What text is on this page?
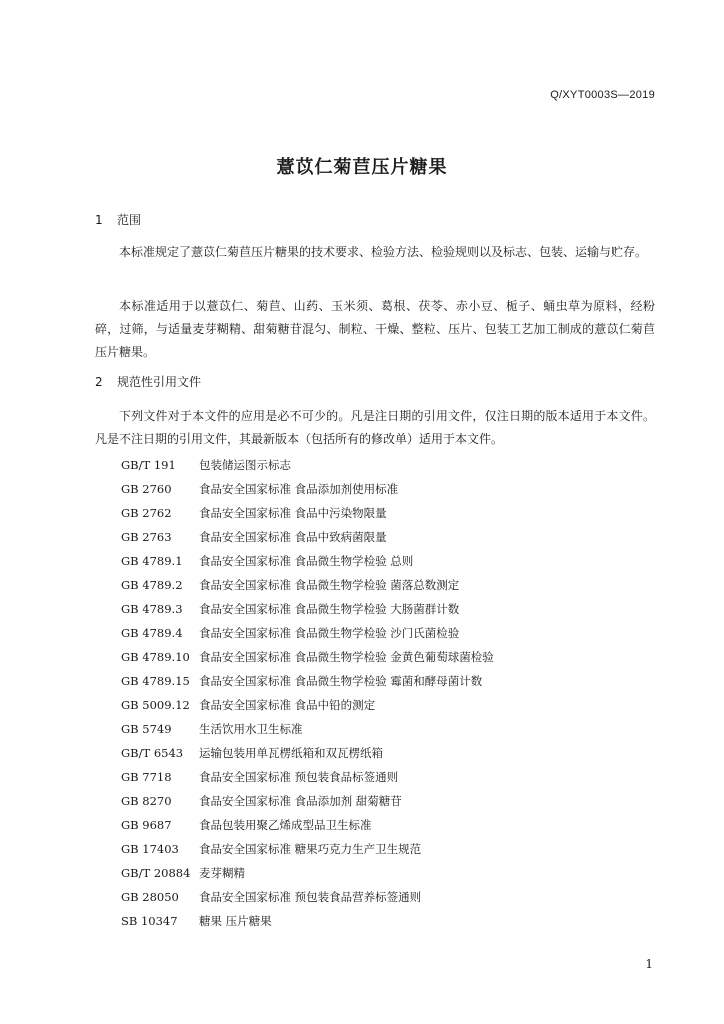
Q/XYT0003S—2019
薏苡仁菊苣压片糖果
1 范围
本标准规定了薏苡仁菊苣压片糖果的技术要求、检验方法、检验规则以及标志、包装、运输与贮存。
本标准适用于以薏苡仁、菊苣、山药、玉米须、葛根、茯苓、赤小豆、栀子、蛹虫草为原料，经粉碎，过筛，与适量麦芽糊精、甜菊糖苷混匀、制粒、干燥、整粒、压片、包装工艺加工制成的薏苡仁菊苣压片糖果。
2 规范性引用文件
下列文件对于本文件的应用是必不可少的。凡是注日期的引用文件，仅注日期的版本适用于本文件。凡是不注日期的引用文件，其最新版本（包括所有的修改单）适用于本文件。
GB/T 191 包装储运图示标志
GB 2760 食品安全国家标准 食品添加剂使用标准
GB 2762 食品安全国家标准 食品中污染物限量
GB 2763 食品安全国家标准 食品中致病菌限量
GB 4789.1 食品安全国家标准 食品微生物学检验 总则
GB 4789.2 食品安全国家标准 食品微生物学检验 菌落总数测定
GB 4789.3 食品安全国家标准 食品微生物学检验 大肠菌群计数
GB 4789.4 食品安全国家标准 食品微生物学检验 沙门氏菌检验
GB 4789.10 食品安全国家标准 食品微生物学检验 金黄色葡萄球菌检验
GB 4789.15 食品安全国家标准 食品微生物学检验 霉菌和酵母菌计数
GB 5009.12 食品安全国家标准 食品中铅的测定
GB 5749 生活饮用水卫生标准
GB/T 6543 运输包装用单瓦楞纸箱和双瓦楞纸箱
GB 7718 食品安全国家标准 预包装食品标签通则
GB 8270 食品安全国家标准 食品添加剂 甜菊糖苷
GB 9687 食品包装用聚乙烯成型品卫生标准
GB 17403 食品安全国家标准 糖果巧克力生产卫生规范
GB/T 20884 麦芽糊精
GB 28050 食品安全国家标准 预包装食品营养标签通则
SB 10347 糖果 压片糖果
1
